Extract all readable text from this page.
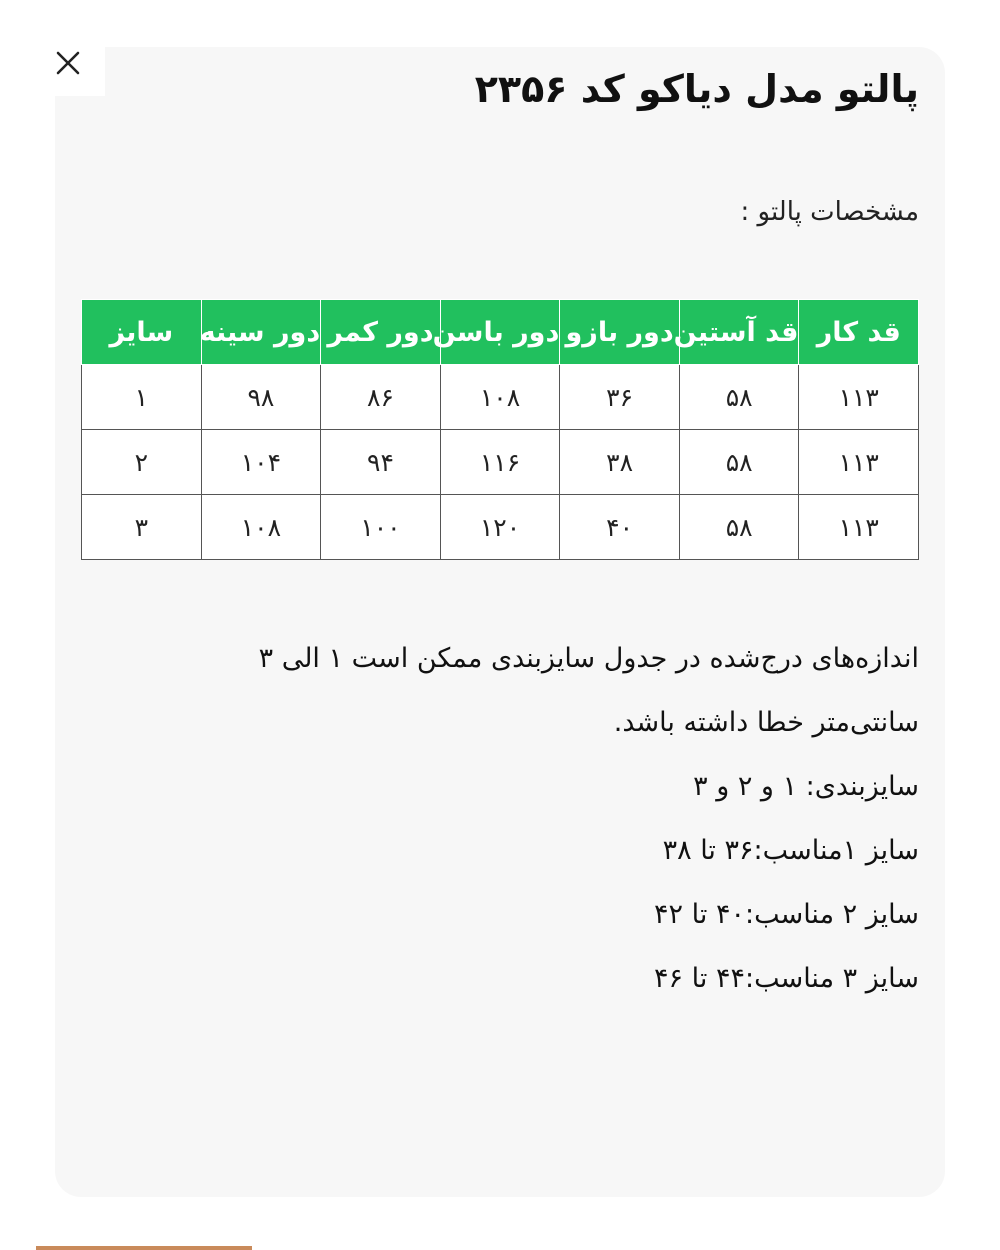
پالتو مدل دیاکو کد ۲۳۵۶
مشخصات پالتو :
قد کار	قد آستین	دور بازو	دور باسن	دور کمر	دور سینه	سایز
۱۱۳	۵۸	۳۶	۱۰۸	۸۶	۹۸	۱
۱۱۳	۵۸	۳۸	۱۱۶	۹۴	۱۰۴	۲
۱۱۳	۵۸	۴۰	۱۲۰	۱۰۰	۱۰۸	۳

اندازه‌های درج‌شده در جدول سایزبندی ممکن است ۱ الی ۳

سانتی‌متر خطا داشته باشد.

سایزبندی: ۱ و ۲ و ۳

سایز ۱مناسب:۳۶ تا ۳۸

سایز ۲ مناسب:۴۰ تا ۴۲

سایز ۳ مناسب:۴۴ تا ۴۶
